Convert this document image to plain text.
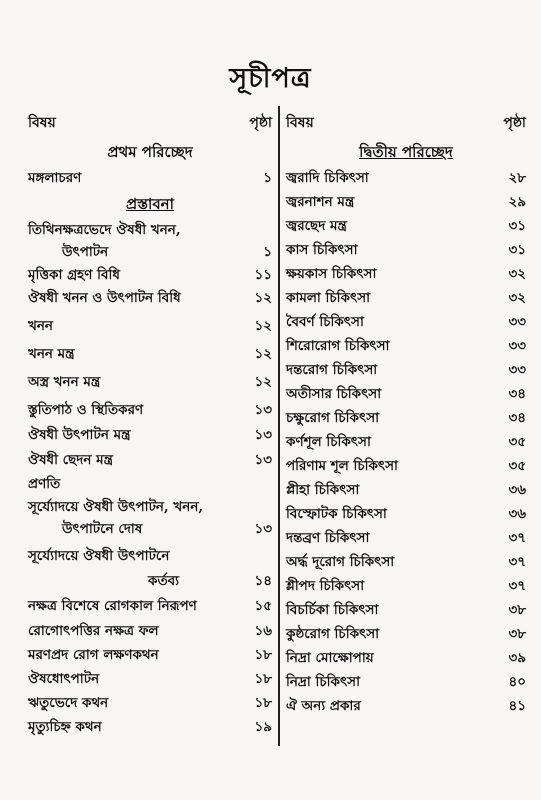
সূচীপত্র
বিষয়	পৃষ্ঠা
প্রথম পরিচ্ছেদ
মঙ্গলাচরণ	১
প্রস্তাবনা
তিথিনক্ষত্রভেদে ঔষধী খনন,
উৎপাটন	১
মৃত্তিকা গ্রহণ বিধি	১১
ঔষধী খনন ও উৎপাটন বিধি	১২
খনন	১২
খনন মন্ত্র	১২
অস্ত্র খনন মন্ত্র	১২
স্তুতিপাঠ ও স্থিতিকরণ	১৩
ঔষধী উৎপাটন মন্ত্র	১৩
ঔষধী ছেদন মন্ত্র	১৩
প্রণতি
সূর্য্যোদয়ে ঔষধী উৎপাটন, খনন,
উৎপাটনে দোষ	১৩
সূর্য্যোদয়ে ঔষধী উৎপাটনে
কর্তব্য	১৪
নক্ষত্র বিশেষে রোগকাল নিরূপণ	১৫
রোগোৎপত্তির নক্ষত্র ফল	১৬
মরণপ্রদ রোগ লক্ষণকথন	১৮
ঔষধোৎপাটন	১৮
ঋতুভেদে কথন	১৮
মৃত্যুচিহ্ন কথন	১৯
বিষয়	পৃষ্ঠা
দ্বিতীয় পরিচ্ছেদ
জ্বরাদি চিকিৎসা	২৮
জ্বরনাশন মন্ত্র	২৯
জ্বরছেদ মন্ত্র	৩১
কাস চিকিৎসা	৩১
ক্ষয়কাস চিকিৎসা	৩২
কামলা চিকিৎসা	৩২
বৈবর্ণ চিকিৎসা	৩৩
শিরোরোগ চিকিৎসা	৩৩
দন্তরোগ চিকিৎসা	৩৩
অতীসার চিকিৎসা	৩৪
চক্ষুরোগ চিকিৎসা	৩৪
কর্ণশূল চিকিৎসা	৩৫
পরিণাম শূল চিকিৎসা	৩৫
প্লীহা চিকিৎসা	৩৬
বিস্ফোটক চিকিৎসা	৩৬
দন্তব্রণ চিকিৎসা	৩৭
অর্দ্ধ দূরোগ চিকিৎসা	৩৭
শ্লীপদ চিকিৎসা	৩৭
বিচর্চিকা চিকিৎসা	৩৮
কুষ্ঠরোগ চিকিৎসা	৩৮
নিদ্রা মোক্ষোপায়	৩৯
নিদ্রা চিকিৎসা	৪০
ঐ অন্য প্রকার	৪১
